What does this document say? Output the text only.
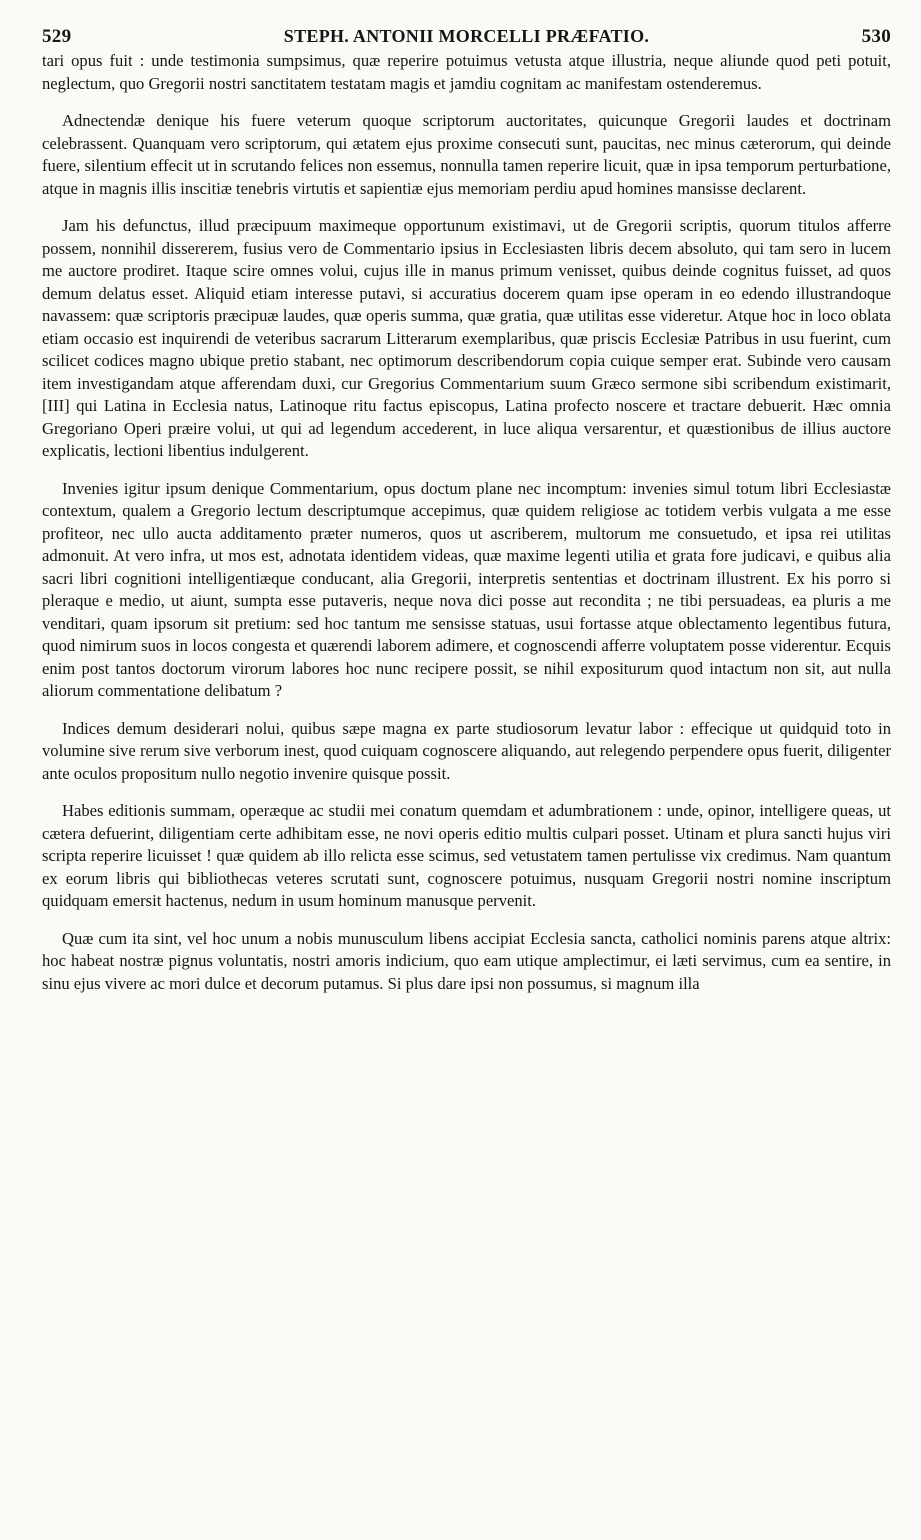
529	STEPH. ANTONII MORCELLI PRÆFATIO.	530

tari opus fuit : unde testimonia sumpsimus, quæ reperire potuimus vetusta atque illustria, neque aliunde quod peti potuit, neglectum, quo Gregorii nostri sanctitatem testatam magis et jamdiu cognitam ac manifestam ostenderemus.

Adnectendæ denique his fuere veterum quoque scriptorum auctoritates, quicunque Gregorii laudes et doctrinam celebrassent. Quanquam vero scriptorum, qui ætatem ejus proxime consecuti sunt, paucitas, nec minus cæterorum, qui deinde fuere, silentium effecit ut in scrutando felices non essemus, nonnulla tamen reperire licuit, quæ in ipsa temporum perturbatione, atque in magnis illis inscitiæ tenebris virtutis et sapientiæ ejus memoriam perdiu apud homines mansisse declarent.

Jam his defunctus, illud præcipuum maximeque opportunum existimavi, ut de Gregorii scriptis, quorum titulos afferre possem, nonnihil dissererem, fusius vero de Commentario ipsius in Ecclesiasten libris decem absoluto, qui tam sero in lucem me auctore prodiret. Itaque scire omnes volui, cujus ille in manus primum venisset, quibus deinde cognitus fuisset, ad quos demum delatus esset. Aliquid etiam interesse putavi, si accuratius docerem quam ipse operam in eo edendo illustrandoque navassem: quæ scriptoris præcipuæ laudes, quæ operis summa, quæ gratia, quæ utilitas esse videretur. Atque hoc in loco oblata etiam occasio est inquirendi de veteribus sacrarum Litterarum exemplaribus, quæ priscis Ecclesiæ Patribus in usu fuerint, cum scilicet codices magno ubique pretio stabant, nec optimorum describendorum copia cuique semper erat. Subinde vero causam item investigandam atque afferendam duxi, cur Gregorius Commentarium suum Græco sermone sibi scribendum existimarit, [III] qui Latina in Ecclesia natus, Latinoque ritu factus episcopus, Latina profecto noscere et tractare debuerit. Hæc omnia Gregoriano Operi præire volui, ut qui ad legendum accederent, in luce aliqua versarentur, et quæstionibus de illius auctore explicatis, lectioni libentius indulgerent.

Invenies igitur ipsum denique Commentarium, opus doctum plane nec incomptum: invenies simul totum libri Ecclesiastæ contextum, qualem a Gregorio lectum descriptumque accepimus, quæ quidem religiose ac totidem verbis vulgata a me esse profiteor, nec ullo aucta additamento præter numeros, quos ut ascriberem, multorum me consuetudo, et ipsa rei utilitas admonuit. At vero infra, ut mos est, adnotata identidem videas, quæ maxime legenti utilia et grata fore judicavi, e quibus alia sacri libri cognitioni intelligentiæque conducant, alia Gregorii, interpretis sententias et doctrinam illustrent. Ex his porro si pleraque e medio, ut aiunt, sumpta esse putaveris, neque nova dici posse aut recondita ; ne tibi persuadeas, ea pluris a me venditari, quam ipsorum sit pretium: sed hoc tantum me sensisse statuas, usui fortasse atque oblectamento legentibus futura, quod nimirum suos in locos congesta et quærendi laborem adimere, et cognoscendi afferre voluptatem posse viderentur. Ecquis enim post tantos doctorum virorum labores hoc nunc recipere possit, se nihil expositurum quod intactum non sit, aut nulla aliorum commentatione delibatum ?

Indices demum desiderari nolui, quibus sæpe magna ex parte studiosorum levatur labor : effecique ut quidquid toto in volumine sive rerum sive verborum inest, quod cuiquam cognoscere aliquando, aut relegendo perpendere opus fuerit, diligenter ante oculos propositum nullo negotio invenire quisque possit.

Habes editionis summam, operæque ac studii mei conatum quemdam et adumbrationem : unde, opinor, intelligere queas, ut cætera defuerint, diligentiam certe adhibitam esse, ne novi operis editio multis culpari posset. Utinam et plura sancti hujus viri scripta reperire licuisset ! quæ quidem ab illo relicta esse scimus, sed vetustatem tamen pertulisse vix credimus. Nam quantum ex eorum libris qui bibliothecas veteres scrutati sunt, cognoscere potuimus, nusquam Gregorii nostri nomine inscriptum quidquam emersit hactenus, nedum in usum hominum manusque pervenit.

Quæ cum ita sint, vel hoc unum a nobis munusculum libens accipiat Ecclesia sancta, catholici nominis parens atque altrix: hoc habeat nostræ pignus voluntatis, nostri amoris indicium, quo eam utique amplectimur, ei læti servimus, cum ea sentire, in sinu ejus vivere ac mori dulce et decorum putamus. Si plus dare ipsi non possumus, si magnum illa
